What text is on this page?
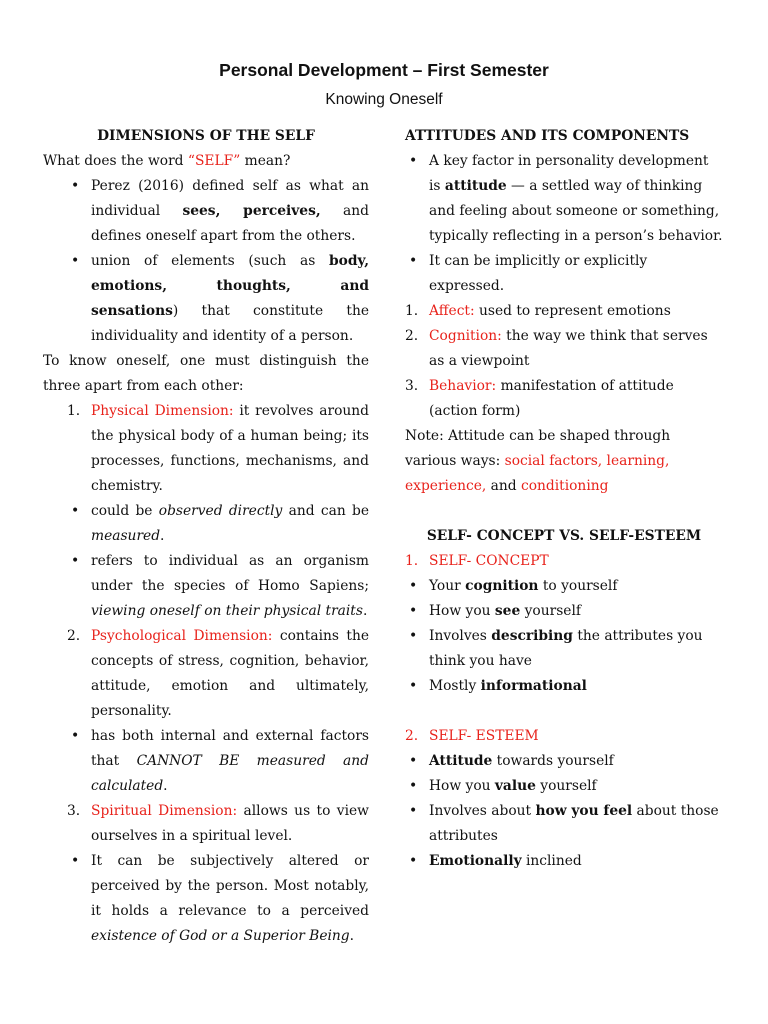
Personal Development – First Semester
Knowing Oneself

DIMENSIONS OF THE SELF

What does the word “SELF” mean?

• Perez (2016) defined self as what an individual sees, perceives, and defines oneself apart from the others.
• union of elements (such as body, emotions, thoughts, and sensations) that constitute the individuality and identity of a person.

To know oneself, one must distinguish the three apart from each other:

1. Physical Dimension: it revolves around the physical body of a human being; its processes, functions, mechanisms, and chemistry.
• could be observed directly and can be measured.
• refers to individual as an organism under the species of Homo Sapiens; viewing oneself on their physical traits.
2. Psychological Dimension: contains the concepts of stress, cognition, behavior, attitude, emotion and ultimately, personality.
• has both internal and external factors that CANNOT BE measured and calculated.
3. Spiritual Dimension: allows us to view ourselves in a spiritual level.
• It can be subjectively altered or perceived by the person. Most notably, it holds a relevance to a perceived existence of God or a Superior Being.

ATTITUDES AND ITS COMPONENTS

• A key factor in personality development is attitude — a settled way of thinking and feeling about someone or something, typically reflecting in a person’s behavior.
• It can be implicitly or explicitly expressed.
1. Affect: used to represent emotions
2. Cognition: the way we think that serves as a viewpoint
3. Behavior: manifestation of attitude (action form)

Note: Attitude can be shaped through various ways: social factors, learning, experience, and conditioning

SELF- CONCEPT VS. SELF-ESTEEM

1. SELF- CONCEPT
• Your cognition to yourself
• How you see yourself
• Involves describing the attributes you think you have
• Mostly informational
2. SELF- ESTEEM
• Attitude towards yourself
• How you value yourself
• Involves about how you feel about those attributes
• Emotionally inclined
